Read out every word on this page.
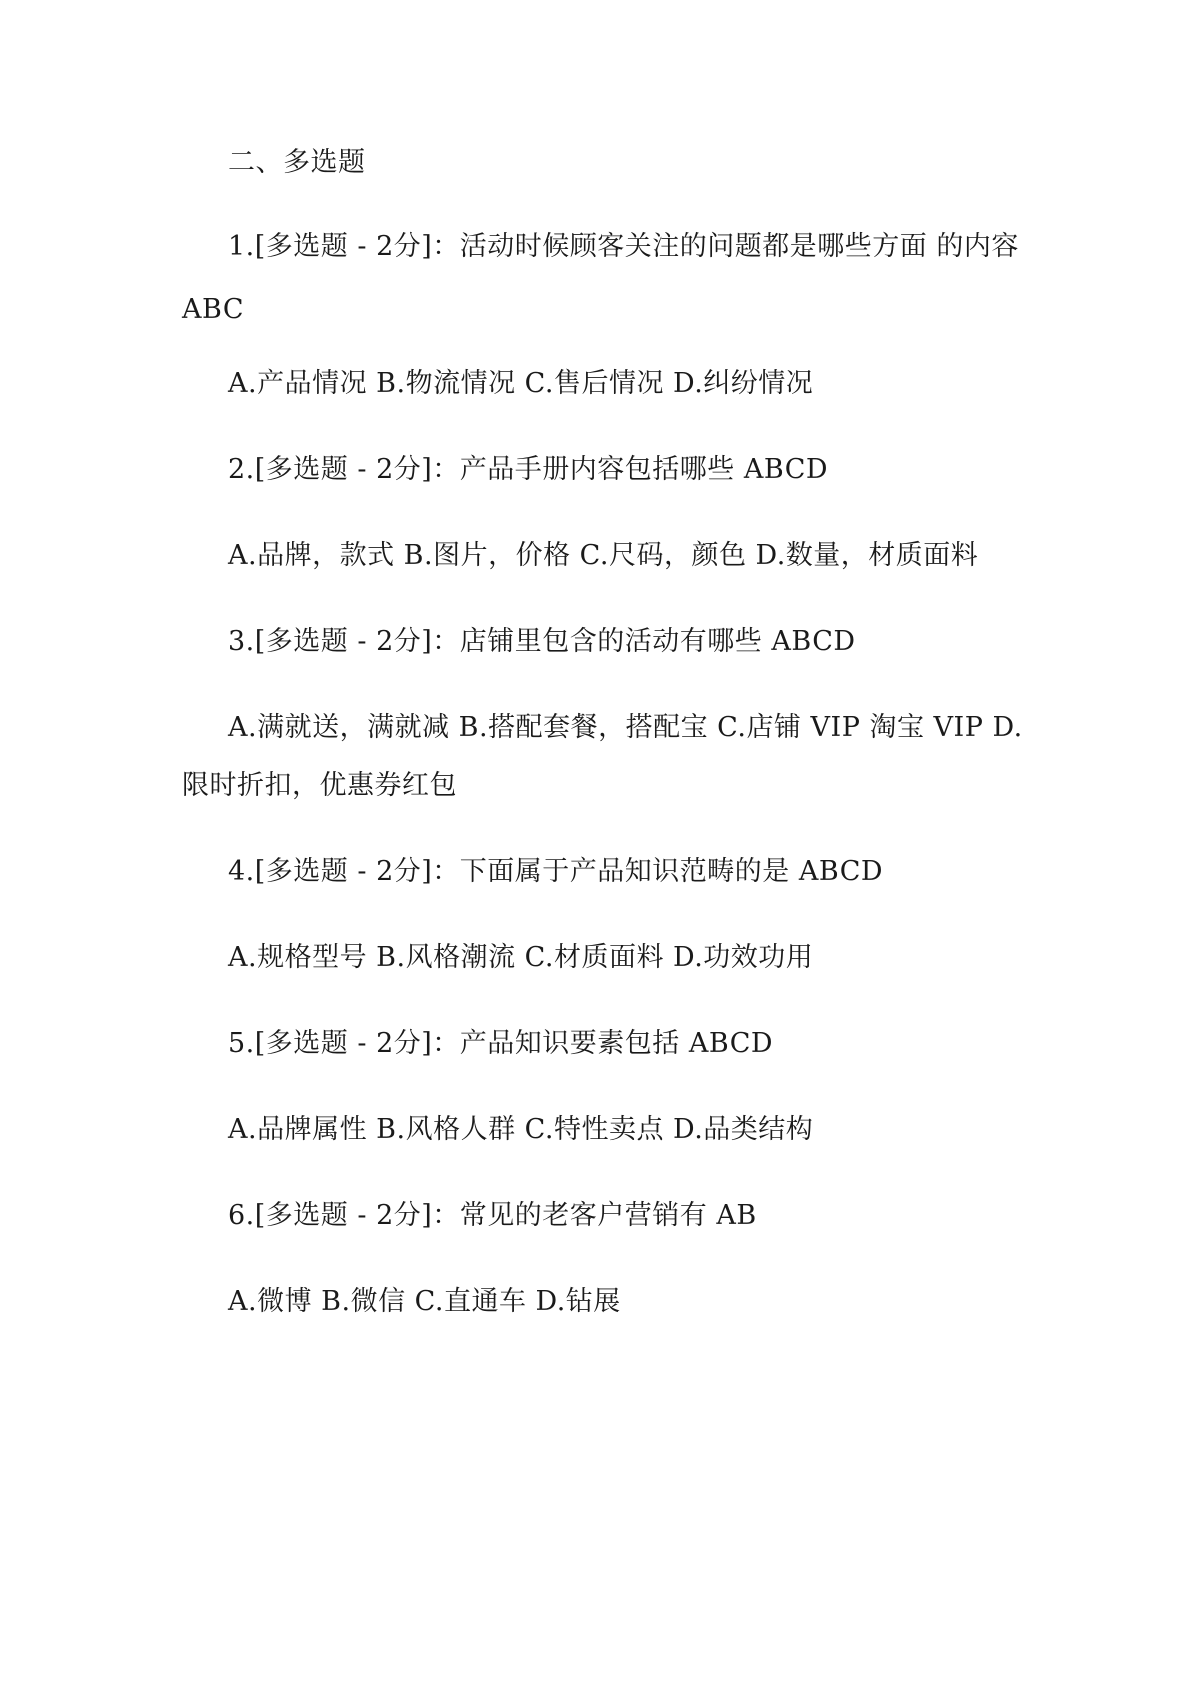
二、多选题
1.[多选题 - 2分]：活动时候顾客关注的问题都是哪些方面 的内容
ABC
A.产品情况 B.物流情况 C.售后情况 D.纠纷情况
2.[多选题 - 2分]：产品手册内容包括哪些 ABCD
A.品牌，款式 B.图片，价格 C.尺码，颜色 D.数量，材质面料
3.[多选题 - 2分]：店铺里包含的活动有哪些 ABCD
A.满就送，满就减 B.搭配套餐，搭配宝 C.店铺 VIP 淘宝 VIP D.
限时折扣，优惠券红包
4.[多选题 - 2分]：下面属于产品知识范畴的是 ABCD
A.规格型号 B.风格潮流 C.材质面料 D.功效功用
5.[多选题 - 2分]：产品知识要素包括 ABCD
A.品牌属性 B.风格人群 C.特性卖点 D.品类结构
6.[多选题 - 2分]：常见的老客户营销有 AB
A.微博 B.微信 C.直通车 D.钻展
